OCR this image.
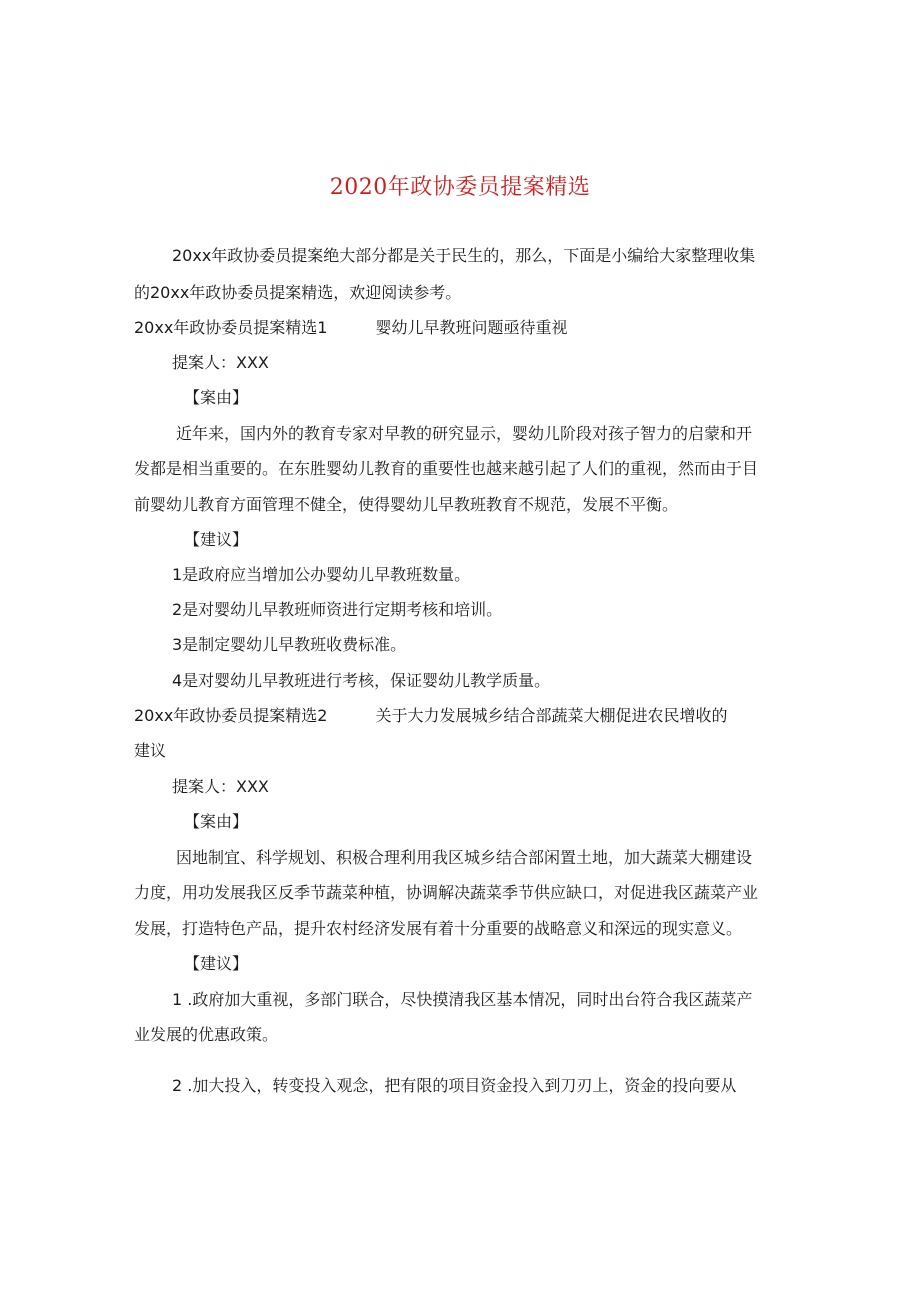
2020年政协委员提案精选
20xx年政协委员提案绝大部分都是关于民生的，那么，下面是小编给大家整理收集
的20xx年政协委员提案精选，欢迎阅读参考。
20xx年政协委员提案精选1	婴幼儿早教班问题亟待重视
提案人：XXX
【案由】
近年来，国内外的教育专家对早教的研究显示，婴幼儿阶段对孩子智力的启蒙和开
发都是相当重要的。在东胜婴幼儿教育的重要性也越来越引起了人们的重视，然而由于目
前婴幼儿教育方面管理不健全，使得婴幼儿早教班教育不规范，发展不平衡。
【建议】
1是政府应当增加公办婴幼儿早教班数量。
2是对婴幼儿早教班师资进行定期考核和培训。
3是制定婴幼儿早教班收费标准。
4是对婴幼儿早教班进行考核，保证婴幼儿教学质量。
20xx年政协委员提案精选2	关于大力发展城乡结合部蔬菜大棚促进农民增收的
建议
提案人：XXX
【案由】
因地制宜、科学规划、积极合理利用我区城乡结合部闲置土地，加大蔬菜大棚建设
力度，用功发展我区反季节蔬菜种植，协调解决蔬菜季节供应缺口，对促进我区蔬菜产业
发展，打造特色产品，提升农村经济发展有着十分重要的战略意义和深远的现实意义。
【建议】
1 .政府加大重视，多部门联合，尽快摸清我区基本情况，同时出台符合我区蔬菜产
业发展的优惠政策。
2 .加大投入，转变投入观念，把有限的项目资金投入到刀刃上，资金的投向要从
